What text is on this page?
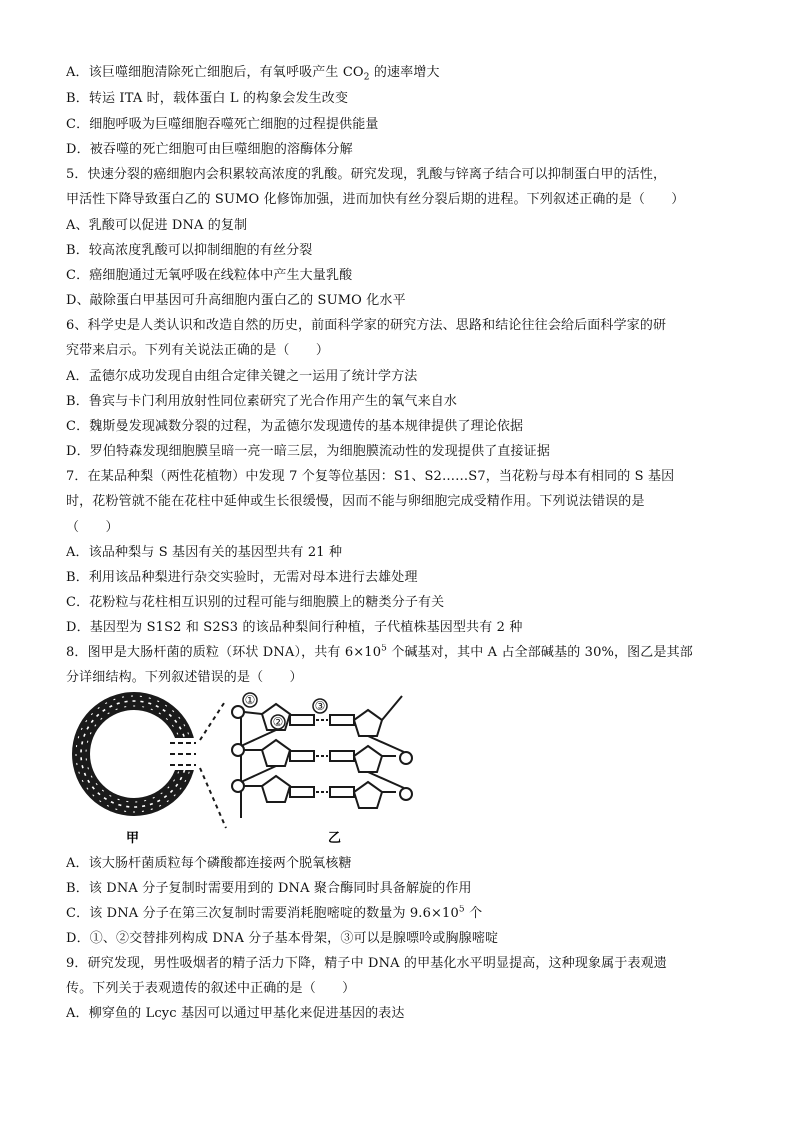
A．该巨噬细胞清除死亡细胞后，有氧呼吸产生 $CO_2$ 的速率增大
B．转运 ITA 时，载体蛋白 L 的构象会发生改变
C．细胞呼吸为巨噬细胞吞噬死亡细胞的过程提供能量
D．被吞噬的死亡细胞可由巨噬细胞的溶酶体分解
5．快速分裂的癌细胞内会积累较高浓度的乳酸。研究发现，乳酸与锌离子结合可以抑制蛋白甲的活性，
甲活性下降导致蛋白乙的 SUMO 化修饰加强，进而加快有丝分裂后期的进程。下列叙述正确的是（　　）
A、乳酸可以促进 DNA 的复制
B．较高浓度乳酸可以抑制细胞的有丝分裂
C．癌细胞通过无氧呼吸在线粒体中产生大量乳酸
D、敲除蛋白甲基因可升高细胞内蛋白乙的 SUMO 化水平
6、科学史是人类认识和改造自然的历史，前面科学家的研究方法、思路和结论往往会给后面科学家的研
究带来启示。下列有关说法正确的是（　　）
A．孟德尔成功发现自由组合定律关键之一运用了统计学方法
B．鲁宾与卡门利用放射性同位素研究了光合作用产生的氧气来自水
C．魏斯曼发现减数分裂的过程，为孟德尔发现遗传的基本规律提供了理论依据
D．罗伯特森发现细胞膜呈暗一亮一暗三层，为细胞膜流动性的发现提供了直接证据
7．在某品种梨（两性花植物）中发现 7 个复等位基因：S1、S2……S7，当花粉与母本有相同的 S 基因
时，花粉管就不能在花柱中延伸或生长很缓慢，因而不能与卵细胞完成受精作用。下列说法错误的是
（　　）
A．该品种梨与 S 基因有关的基因型共有 21 种
B．利用该品种梨进行杂交实验时，无需对母本进行去雄处理
C．花粉粒与花柱相互识别的过程可能与细胞膜上的糖类分子有关
D．基因型为 S1S2 和 S2S3 的该品种梨间行种植，子代植株基因型共有 2 种
8．图甲是大肠杆菌的质粒（环状 DNA），共有 $6\times 10^5$ 个碱基对，其中 A 占全部碱基的 30%，图乙是其部
分详细结构。下列叙述错误的是（　　）
甲
①
②
③
乙
A．该大肠杆菌质粒每个磷酸都连接两个脱氧核糖
B．该 DNA 分子复制时需要用到的 DNA 聚合酶同时具备解旋的作用
C．该 DNA 分子在第三次复制时需要消耗胞嘧啶的数量为 $9.6\times 10^5$ 个
D．①、②交替排列构成 DNA 分子基本骨架，③可以是腺嘌呤或胸腺嘧啶
9．研究发现，男性吸烟者的精子活力下降，精子中 DNA 的甲基化水平明显提高，这种现象属于表观遗
传。下列关于表观遗传的叙述中正确的是（　　）
A．柳穿鱼的 Lcyc 基因可以通过甲基化来促进基因的表达
